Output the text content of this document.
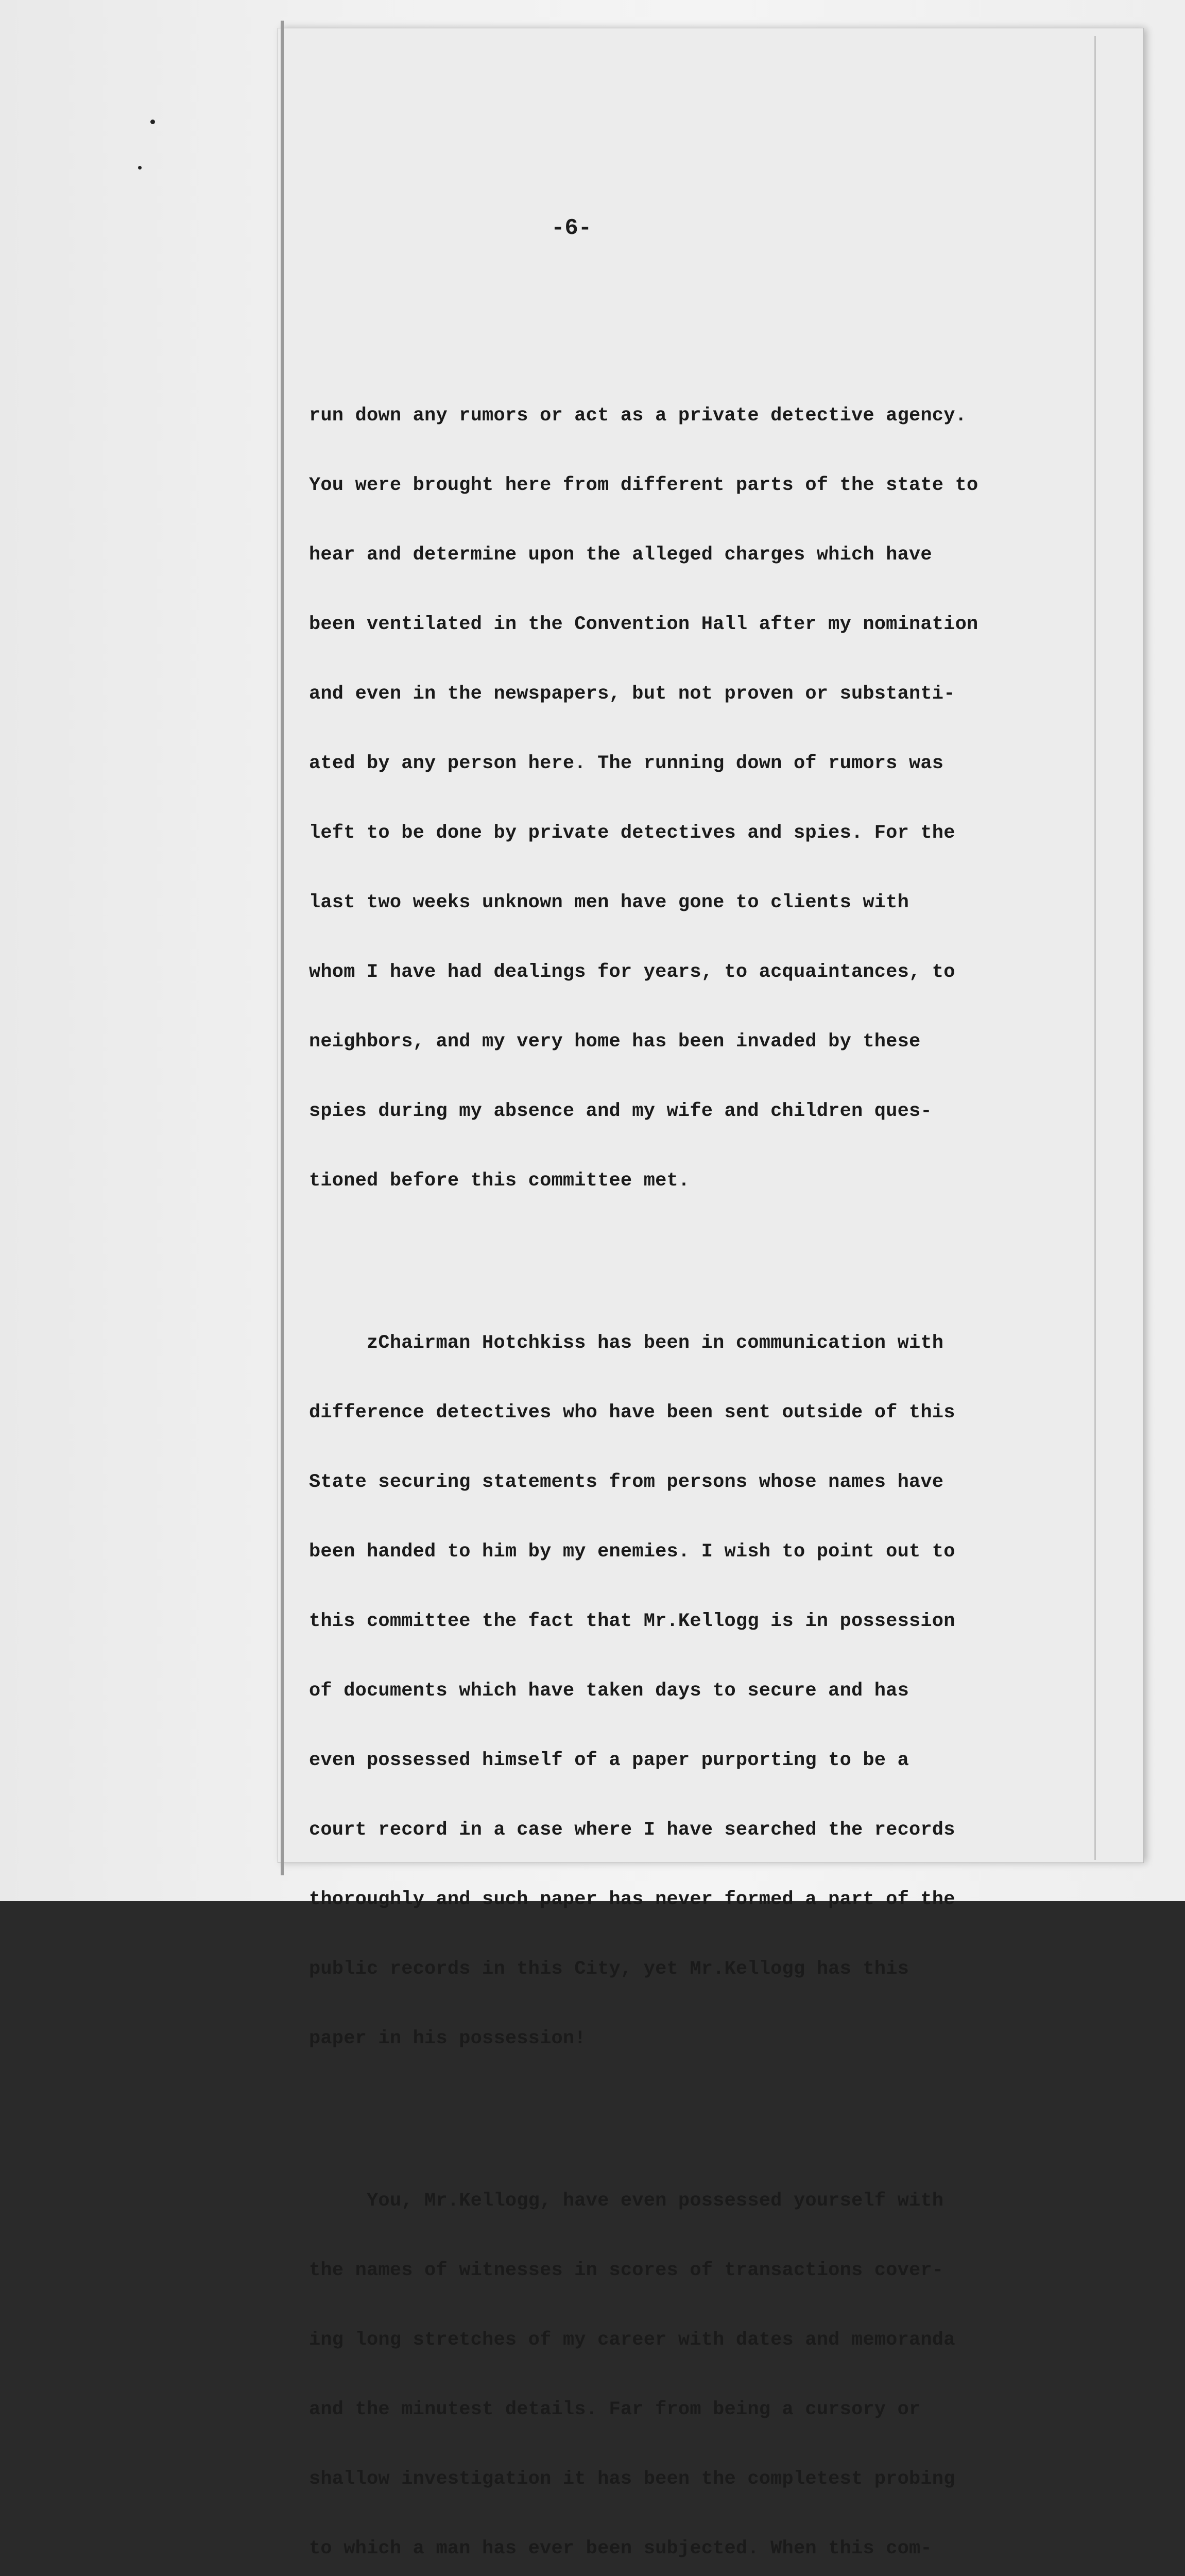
-6-

run down any rumors or act as a private detective agency.

You were brought here from different parts of the state to

hear and determine upon the alleged charges which have

been ventilated in the Convention Hall after my nomination

and even in the newspapers, but not proven or substanti-

ated by any person here. The running down of rumors was

left to be done by private detectives and spies. For the

last two weeks unknown men have gone to clients with

whom I have had dealings for years, to acquaintances, to

neighbors, and my very home has been invaded by these

spies during my absence and my wife and children ques-

tioned before this committee met.

zChairman Hotchkiss has been in communication with

difference detectives who have been sent outside of this

State securing statements from persons whose names have

been handed to him by my enemies. I wish to point out to

this committee the fact that Mr.Kellogg is in possession

of documents which have taken days to secure and has

even possessed himself of a paper purporting to be a

court record in a case where I have searched the records

thoroughly and such paper has never formed a part of the

public records in this City, yet Mr.Kellogg has this

paper in his possession!

You, Mr.Kellogg, have even possessed yourself with

the names of witnesses in scores of transactions cover-

ing long stretches of my career with dates and memoranda

and the minutest details. Far from being a cursory or

shallow investigation it has been the completest probing

to which a man has ever been subjected. When this com-
